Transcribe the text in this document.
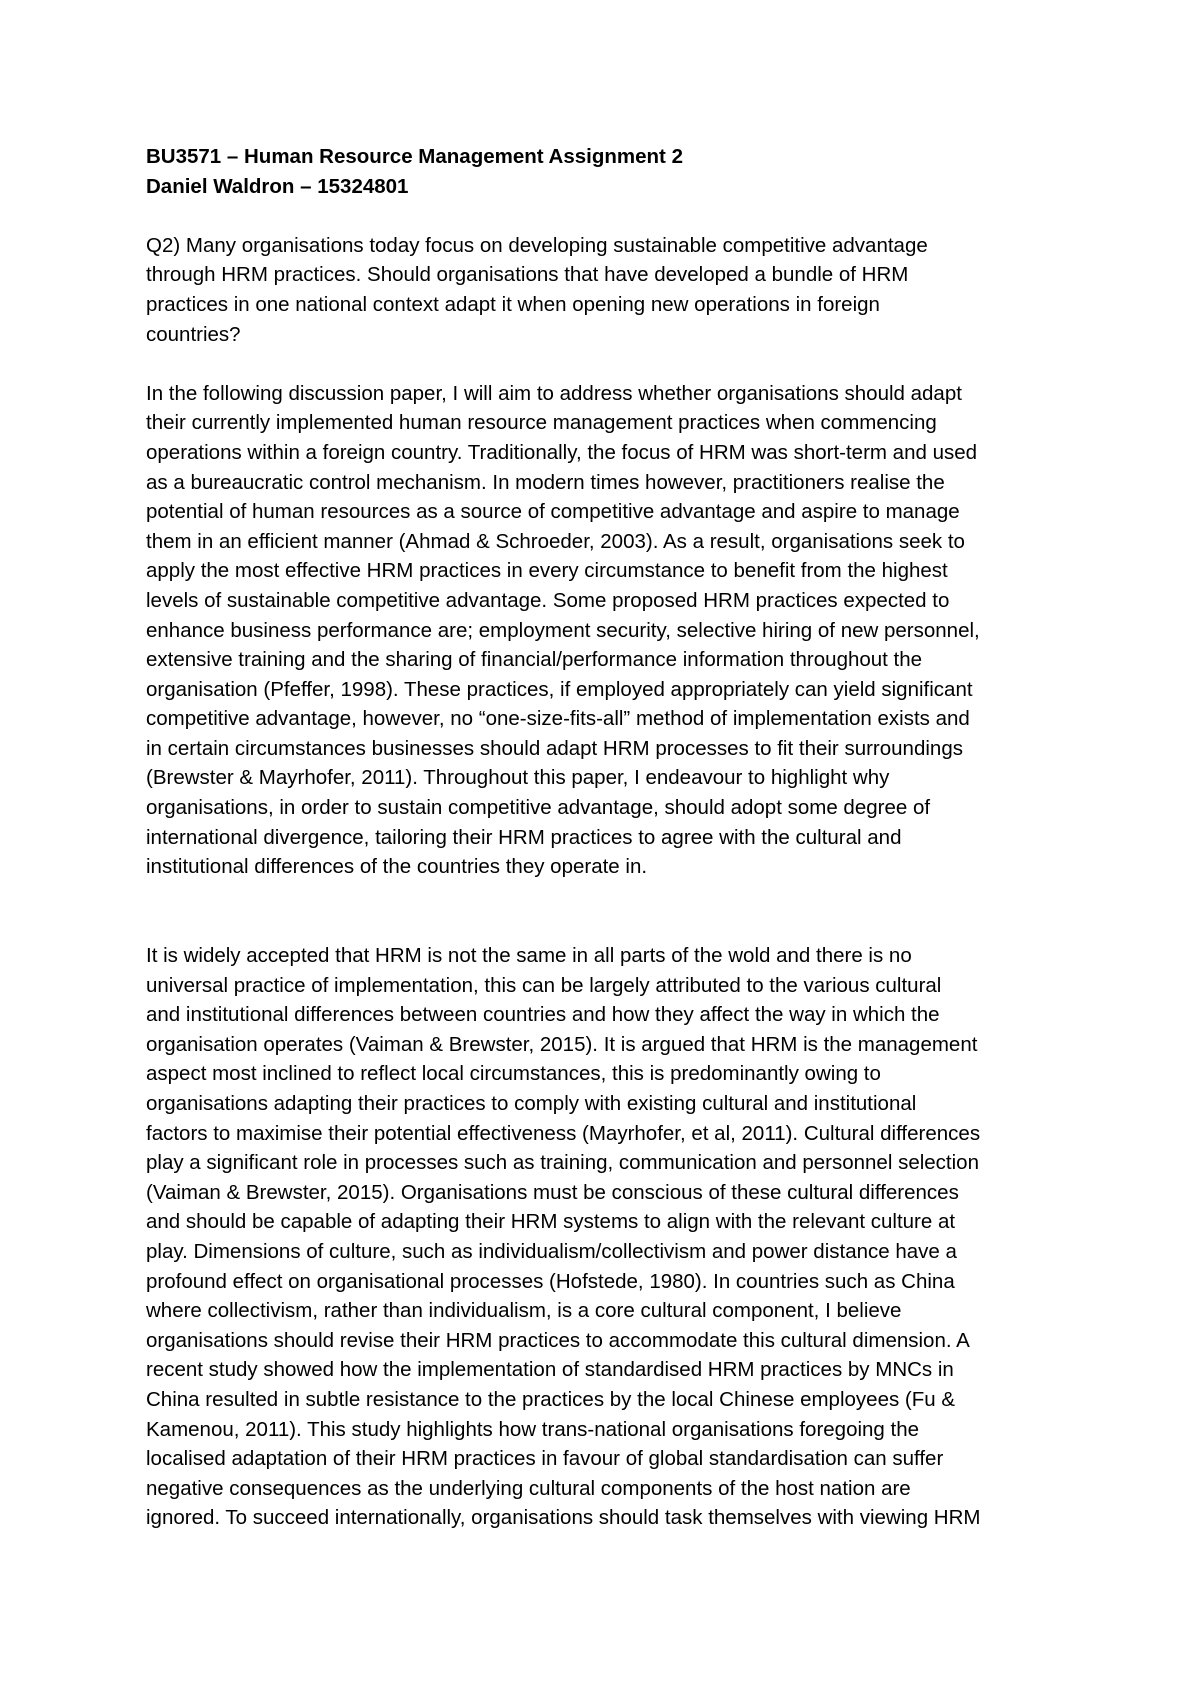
BU3571 – Human Resource Management Assignment 2

Daniel Waldron – 15324801

Q2) Many organisations today focus on developing sustainable competitive advantage
through HRM practices. Should organisations that have developed a bundle of HRM
practices in one national context adapt it when opening new operations in foreign
countries?
In the following discussion paper, I will aim to address whether organisations should adapt
their currently implemented human resource management practices when commencing
operations within a foreign country. Traditionally, the focus of HRM was short-term and used
as a bureaucratic control mechanism. In modern times however, practitioners realise the
potential of human resources as a source of competitive advantage and aspire to manage
them in an efficient manner (Ahmad & Schroeder, 2003). As a result, organisations seek to
apply the most effective HRM practices in every circumstance to benefit from the highest
levels of sustainable competitive advantage. Some proposed HRM practices expected to
enhance business performance are; employment security, selective hiring of new personnel,
extensive training and the sharing of financial/performance information throughout the
organisation (Pfeffer, 1998). These practices, if employed appropriately can yield significant
competitive advantage, however, no “one-size-fits-all” method of implementation exists and
in certain circumstances businesses should adapt HRM processes to fit their surroundings
(Brewster & Mayrhofer, 2011). Throughout this paper, I endeavour to highlight why
organisations, in order to sustain competitive advantage, should adopt some degree of
international divergence, tailoring their HRM practices to agree with the cultural and
institutional differences of the countries they operate in.
It is widely accepted that HRM is not the same in all parts of the wold and there is no
universal practice of implementation, this can be largely attributed to the various cultural
and institutional differences between countries and how they affect the way in which the
organisation operates (Vaiman & Brewster, 2015). It is argued that HRM is the management
aspect most inclined to reflect local circumstances, this is predominantly owing to
organisations adapting their practices to comply with existing cultural and institutional
factors to maximise their potential effectiveness (Mayrhofer, et al, 2011). Cultural differences
play a significant role in processes such as training, communication and personnel selection
(Vaiman & Brewster, 2015). Organisations must be conscious of these cultural differences
and should be capable of adapting their HRM systems to align with the relevant culture at
play. Dimensions of culture, such as individualism/collectivism and power distance have a
profound effect on organisational processes (Hofstede, 1980). In countries such as China
where collectivism, rather than individualism, is a core cultural component, I believe
organisations should revise their HRM practices to accommodate this cultural dimension. A
recent study showed how the implementation of standardised HRM practices by MNCs in
China resulted in subtle resistance to the practices by the local Chinese employees (Fu &
Kamenou, 2011). This study highlights how trans-national organisations foregoing the
localised adaptation of their HRM practices in favour of global standardisation can suffer
negative consequences as the underlying cultural components of the host nation are
ignored. To succeed internationally, organisations should task themselves with viewing HRM
